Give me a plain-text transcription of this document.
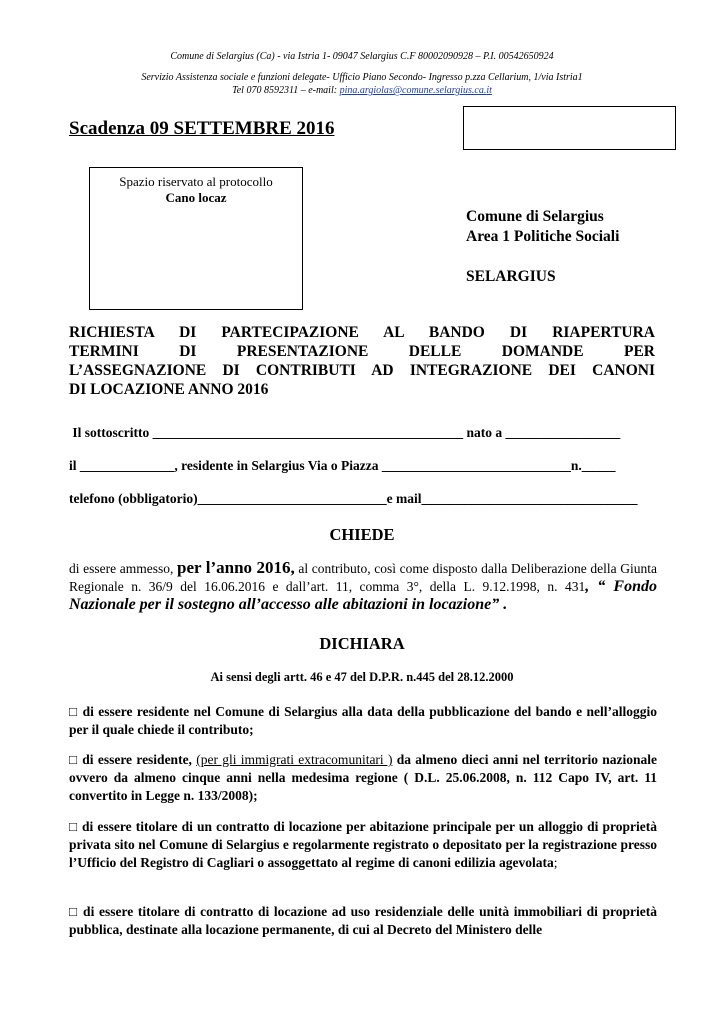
Comune di Selargius (Ca) - via Istria 1- 09047 Selargius C.F 80002090928 – P.I. 00542650924
Servizio Assistenza sociale e funzioni delegate- Ufficio Piano Secondo- Ingresso p.zza Cellarium, 1/via Istria1
Tel 070 8592311 – e-mail: pina.argiolas@comune.selargius.ca.it
Scadenza 09 SETTEMBRE 2016
Spazio riservato al protocollo
Cano locaz
Comune di Selargius
Area 1 Politiche Sociali
SELARGIUS
RICHIESTA DI PARTECIPAZIONE AL BANDO DI RIAPERTURA
TERMINI DI PRESENTAZIONE DELLE DOMANDE PER
L’ASSEGNAZIONE DI CONTRIBUTI AD INTEGRAZIONE DEI CANONI
DI LOCAZIONE ANNO 2016
Il sottoscritto ______________________________________________ nato a _________________
il ______________, residente in Selargius Via o Piazza ____________________________n._____
telefono (obbligatorio)____________________________e mail________________________________
CHIEDE
di essere ammesso, per l’anno 2016, al contributo, così come disposto dalla Deliberazione della Giunta Regionale n. 36/9 del 16.06.2016 e dall’art. 11, comma 3°, della L. 9.12.1998, n. 431, “ Fondo Nazionale per il sostegno all’accesso alle abitazioni in locazione” .
DICHIARA
Ai sensi degli artt. 46 e 47 del D.P.R. n.445 del 28.12.2000
□ di essere residente nel Comune di Selargius alla data della pubblicazione del bando e nell’alloggio per il quale chiede il contributo;
□ di essere residente, (per gli immigrati extracomunitari ) da almeno dieci anni nel territorio nazionale ovvero da almeno cinque anni nella medesima regione ( D.L. 25.06.2008, n. 112 Capo IV, art. 11 convertito in Legge n. 133/2008);
□ di essere titolare di un contratto di locazione per abitazione principale per un alloggio di proprietà privata sito nel Comune di Selargius e regolarmente registrato o depositato per la registrazione presso l’Ufficio del Registro di Cagliari o assoggettato al regime di canoni edilizia agevolata;
□ di essere titolare di contratto di locazione ad uso residenziale delle unità immobiliari di proprietà pubblica, destinate alla locazione permanente, di cui al Decreto del Ministero delle
